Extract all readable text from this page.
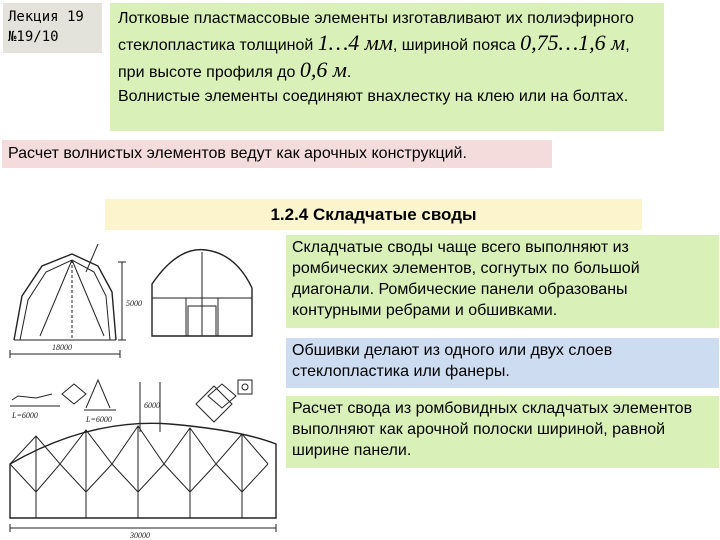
Лекция 19
№19/10

Лотковые пластмассовые элементы изготавливают их полиэфирного стеклопластика толщиной 1…4 мм, шириной пояса 0,75…1,6 м, при высоте профиля до 0,6 м.

Волнистые элементы соединяют внахлестку на клею или на болтах.

Расчет волнистых элементов ведут как арочных конструкций.
1.2.4 Складчатые своды
Складчатые своды чаще всего выполняют из ромбических элементов, согнутых по большой диагонали. Ромбические панели образованы контурными ребрами и обшивками.
Обшивки делают из одного или двух слоев стеклопластика или фанеры.
Расчет свода из ромбовидных складчатых элементов выполняют как арочной полоски шириной, равной ширине панели.
18000
5000
L=6000	L=6000
6000
30000
